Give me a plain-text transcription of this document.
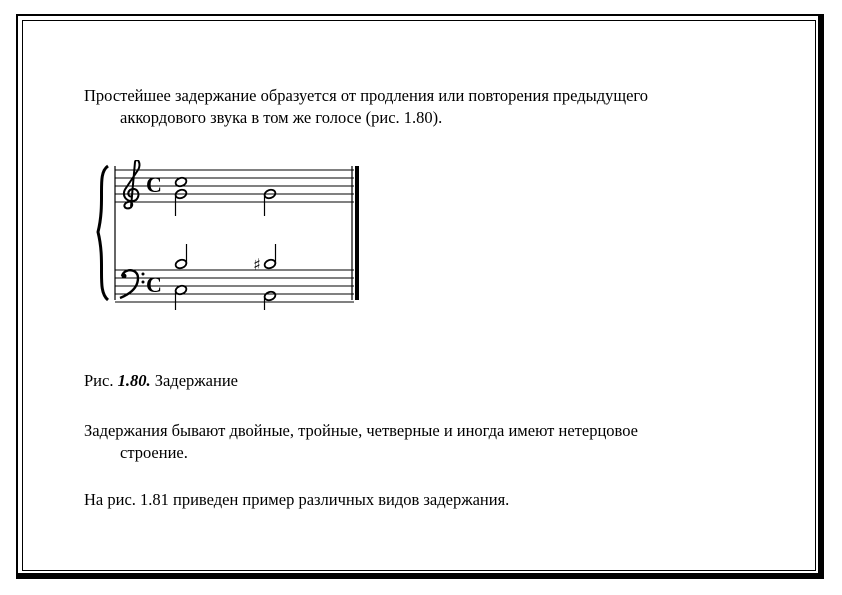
Простейшее задержание образуется от продления или повторения предыдущего
аккордового звука в том же голосе (рис. 1.80).
C
C
♯
Рис. 1.80. Задержание
Задержания бывают двойные, тройные, четверные и иногда имеют нетерцовое
строение.
На рис. 1.81 приведен пример различных видов задержания.
